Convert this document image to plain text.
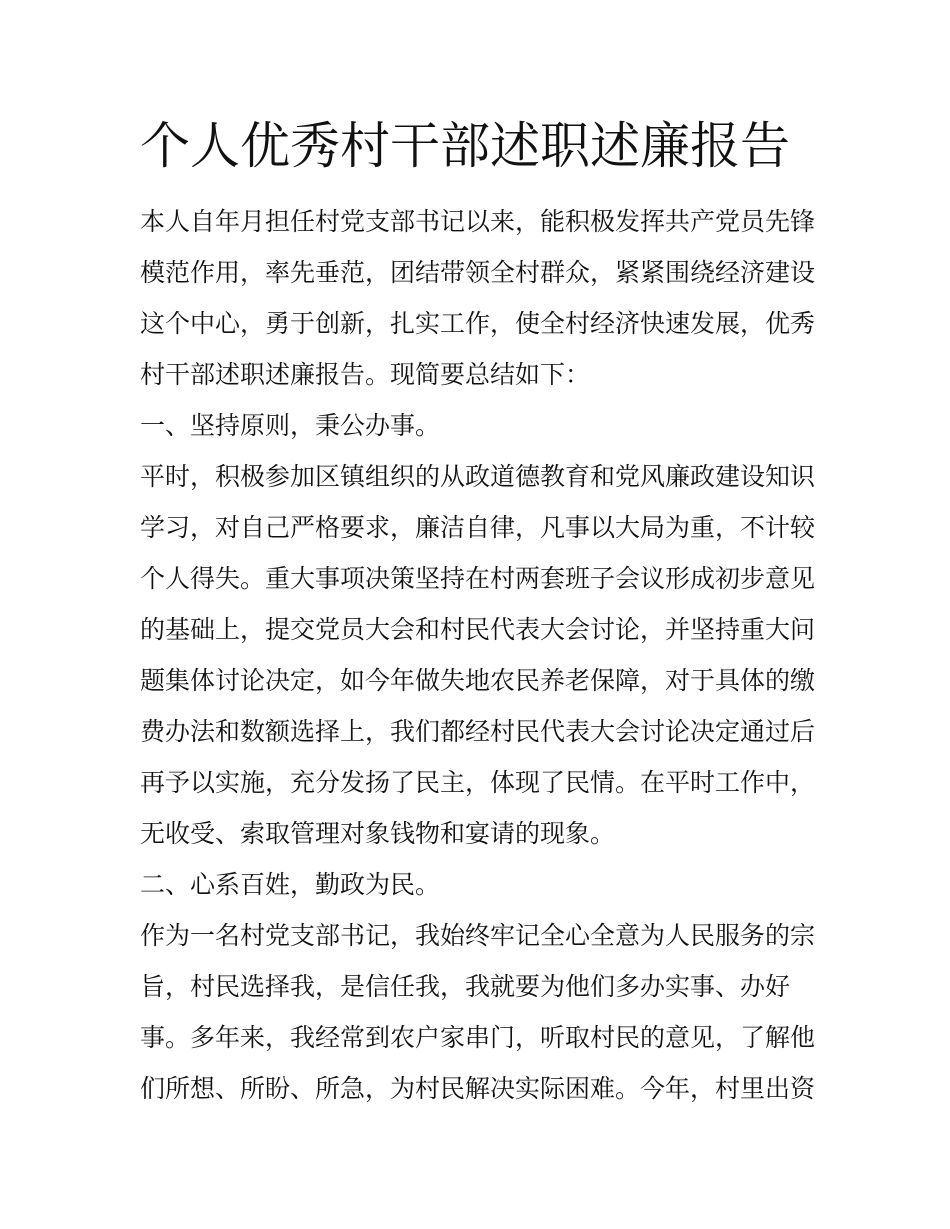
个人优秀村干部述职述廉报告
本人自年月担任村党支部书记以来，能积极发挥共产党员先锋
模范作用，率先垂范，团结带领全村群众，紧紧围绕经济建设
这个中心，勇于创新，扎实工作，使全村经济快速发展，优秀
村干部述职述廉报告。现简要总结如下：
一、坚持原则，秉公办事。
平时，积极参加区镇组织的从政道德教育和党风廉政建设知识
学习，对自己严格要求，廉洁自律，凡事以大局为重，不计较
个人得失。重大事项决策坚持在村两套班子会议形成初步意见
的基础上，提交党员大会和村民代表大会讨论，并坚持重大问
题集体讨论决定，如今年做失地农民养老保障，对于具体的缴
费办法和数额选择上，我们都经村民代表大会讨论决定通过后
再予以实施，充分发扬了民主，体现了民情。在平时工作中，
无收受、索取管理对象钱物和宴请的现象。
二、心系百姓，勤政为民。
作为一名村党支部书记，我始终牢记全心全意为人民服务的宗
旨，村民选择我，是信任我，我就要为他们多办实事、办好
事。多年来，我经常到农户家串门，听取村民的意见，了解他
们所想、所盼、所急，为村民解决实际困难。今年，村里出资
